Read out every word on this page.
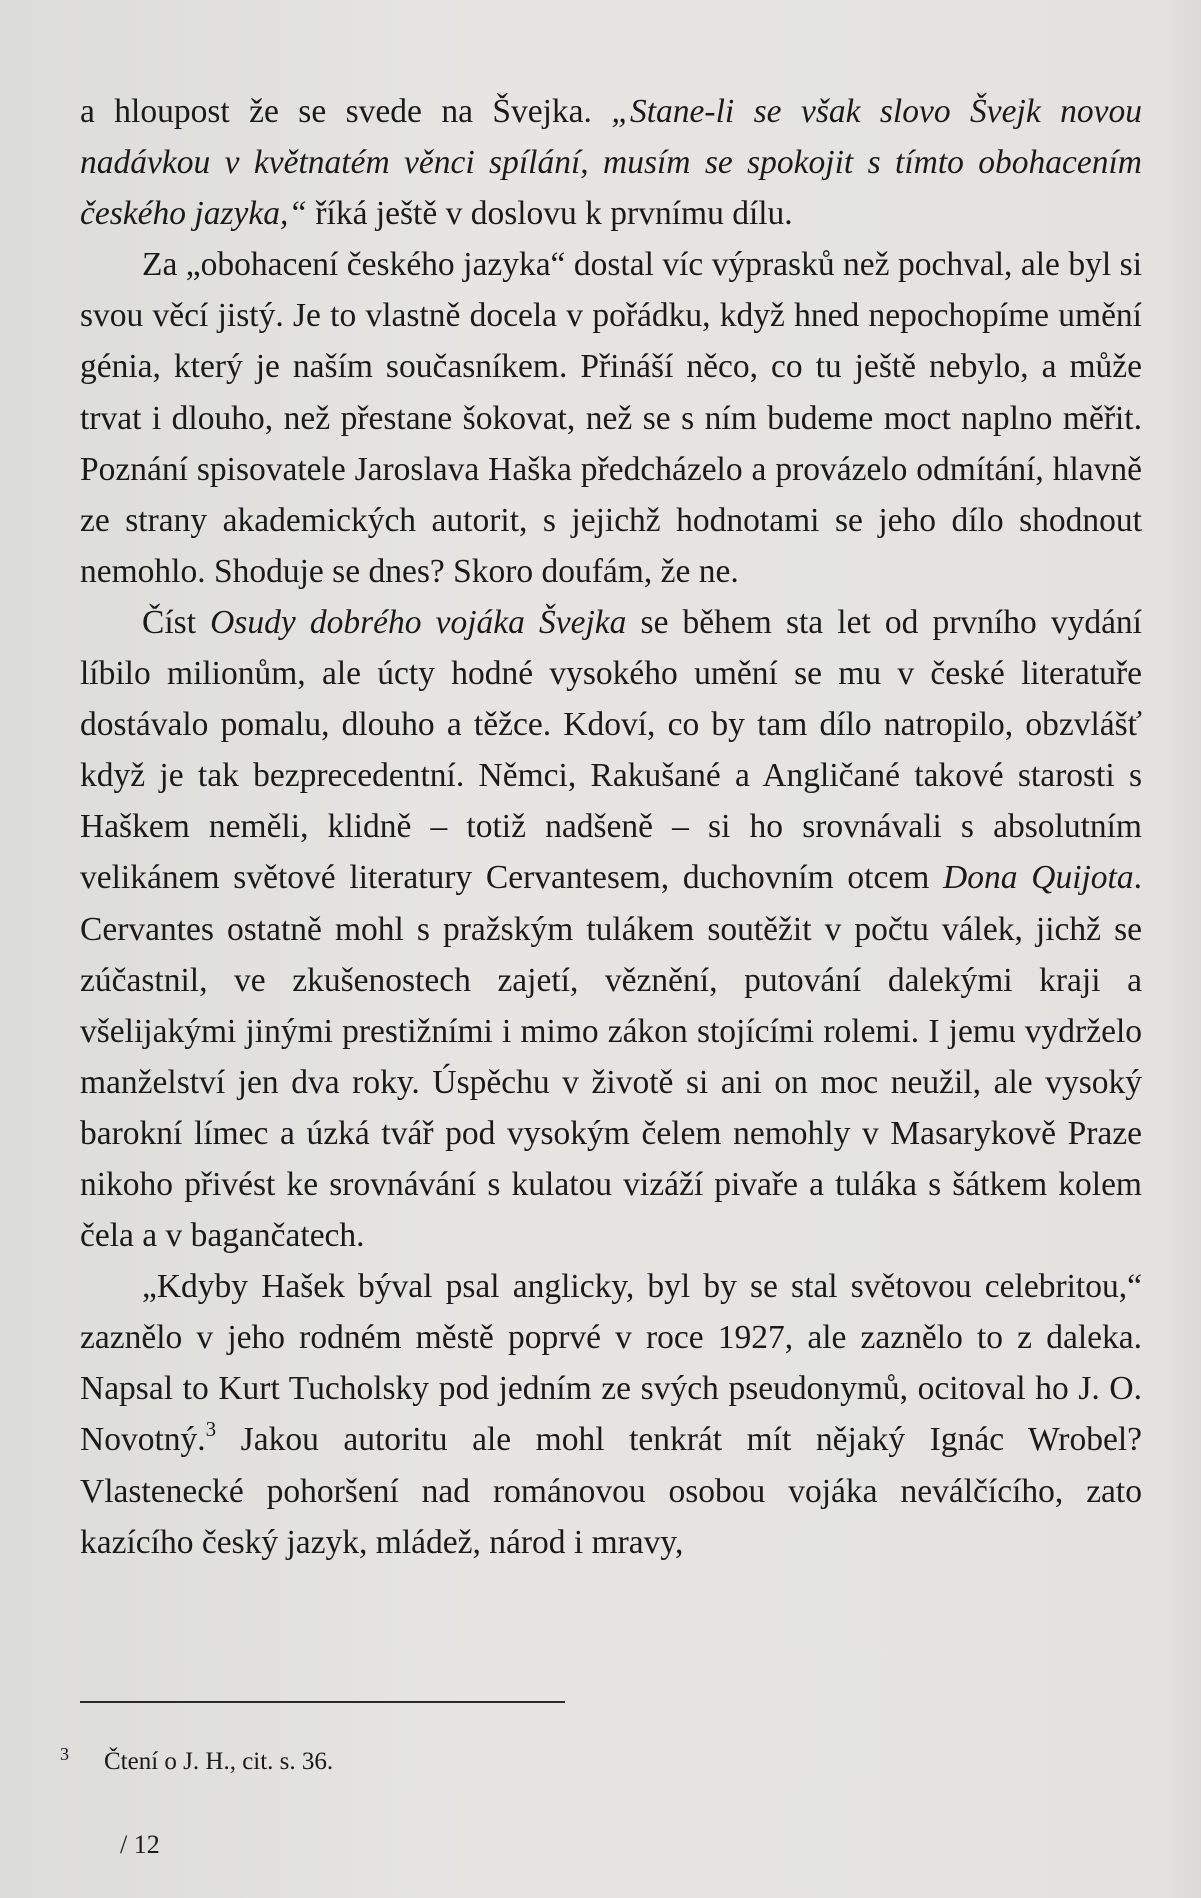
a hloupost že se svede na Švejka. „Stane-li se však slovo Švejk novou nadávkou v květnatém věnci spílání, musím se spokojit s tímto obohacením českého jazyka,“ říká ještě v doslovu k prvnímu dílu.

Za „obohacení českého jazyka“ dostal víc výprasků než pochval, ale byl si svou věcí jistý. Je to vlastně docela v pořádku, když hned nepochopíme umění génia, který je naším současníkem. Přináší něco, co tu ještě nebylo, a může trvat i dlouho, než přestane šokovat, než se s ním budeme moct naplno měřit. Poznání spisovatele Jaroslava Haška předcházelo a provázelo odmítání, hlavně ze strany akademických autorit, s jejichž hodnotami se jeho dílo shodnout nemohlo. Shoduje se dnes? Skoro doufám, že ne.

Číst Osudy dobrého vojáka Švejka se během sta let od prvního vydání líbilo milionům, ale úcty hodné vysokého umění se mu v české literatuře dostávalo pomalu, dlouho a těžce. Kdoví, co by tam dílo natropilo, obzvlášť když je tak bezprecedentní. Němci, Rakušané a Angličané takové starosti s Haškem neměli, klidně – totiž nadšeně – si ho srovnávali s absolutním velikánem světové literatury Cervantesem, duchovním otcem Dona Quijota. Cervantes ostatně mohl s pražským tulákem soutěžit v počtu válek, jichž se zúčastnil, ve zkušenostech zajetí, věznění, putování dalekými kraji a všelijakými jinými prestižními i mimo zákon stojícími rolemi. I jemu vydrželo manželství jen dva roky. Úspěchu v životě si ani on moc neužil, ale vysoký barokní límec a úzká tvář pod vysokým čelem nemohly v Masarykově Praze nikoho přivést ke srovnávání s kulatou vizáží pivaře a tuláka s šátkem kolem čela a v bagančatech.

„Kdyby Hašek býval psal anglicky, byl by se stal světovou celebritou,“ zaznělo v jeho rodném městě poprvé v roce 1927, ale zaznělo to z daleka. Napsal to Kurt Tucholsky pod jedním ze svých pseudonymů, ocitoval ho J. O. Novotný.$^3$ Jakou autoritu ale mohl tenkrát mít nějaký Ignác Wrobel? Vlastenecké pohoršení nad románovou osobou vojáka neválčícího, zato kazícího český jazyk, mládež, národ i mravy,

3 Čtení o J. H., cit. s. 36.
/ 12
